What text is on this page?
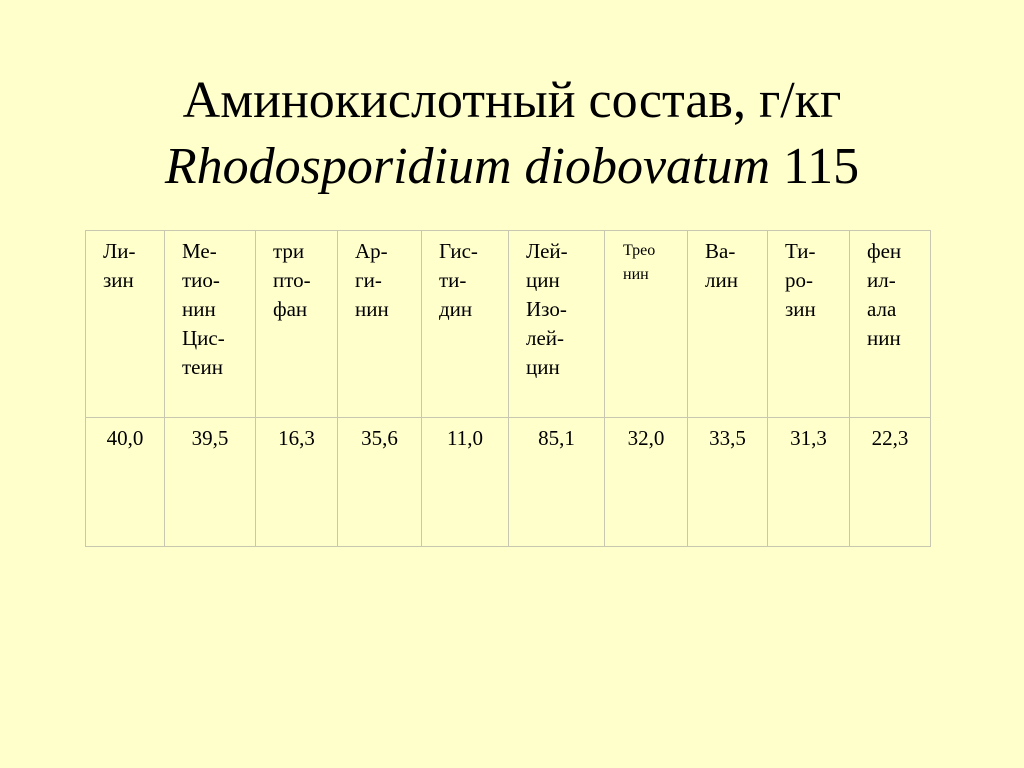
Аминокислотный состав, г/кг
Rhodosporidium diobovatum 115
Ли-
зин	Ме-
тио-
нин
Цис-
теин	три
пто-
фан	Ар-
ги-
нин	Гис-
ти-
дин	Лей-
цин
Изо-
лей-
цин	Трео
нин	Ва-
лин	Ти-
ро-
зин	фен
ил-
ала
нин

40,0	39,5	16,3	35,6	11,0	85,1	32,0	33,5	31,3	22,3
